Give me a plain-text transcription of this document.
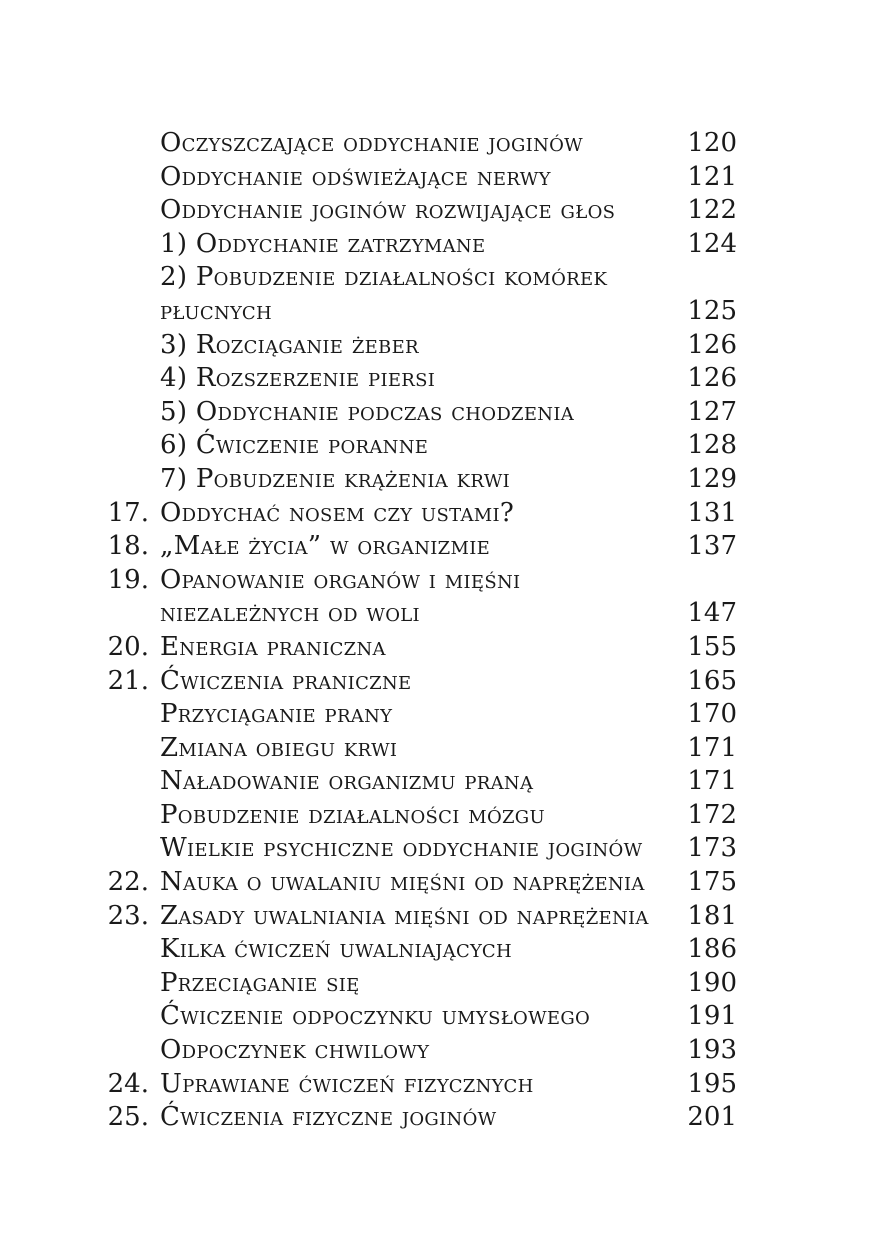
Oczyszczające oddychanie joginów	120
Oddychanie odświeżające nerwy	121
Oddychanie joginów rozwijające głos	122
1) Oddychanie zatrzymane	124
2) Pobudzenie działalności komórek
płucnych	125
3) Rozciąganie żeber	126
4) Rozszerzenie piersi	126
5) Oddychanie podczas chodzenia	127
6) Ćwiczenie poranne	128
7) Pobudzenie krążenia krwi	129
17. Oddychać nosem czy ustami?	131
18. „Małe życia” w organizmie	137
19. Opanowanie organów i mięśni
niezależnych od woli	147
20. Energia praniczna	155
21. Ćwiczenia praniczne	165
Przyciąganie prany	170
Zmiana obiegu krwi	171
Naładowanie organizmu praną	171
Pobudzenie działalności mózgu	172
Wielkie psychiczne oddychanie joginów 173
22. Nauka o uwalaniu mięśni od naprężenia 175
23. Zasady uwalniania mięśni od naprężenia 181
Kilka ćwiczeń uwalniających	186
Przeciąganie się	190
Ćwiczenie odpoczynku umysłowego	191
Odpoczynek chwilowy	193
24. Uprawiane ćwiczeń fizycznych	195
25. Ćwiczenia fizyczne joginów	201
